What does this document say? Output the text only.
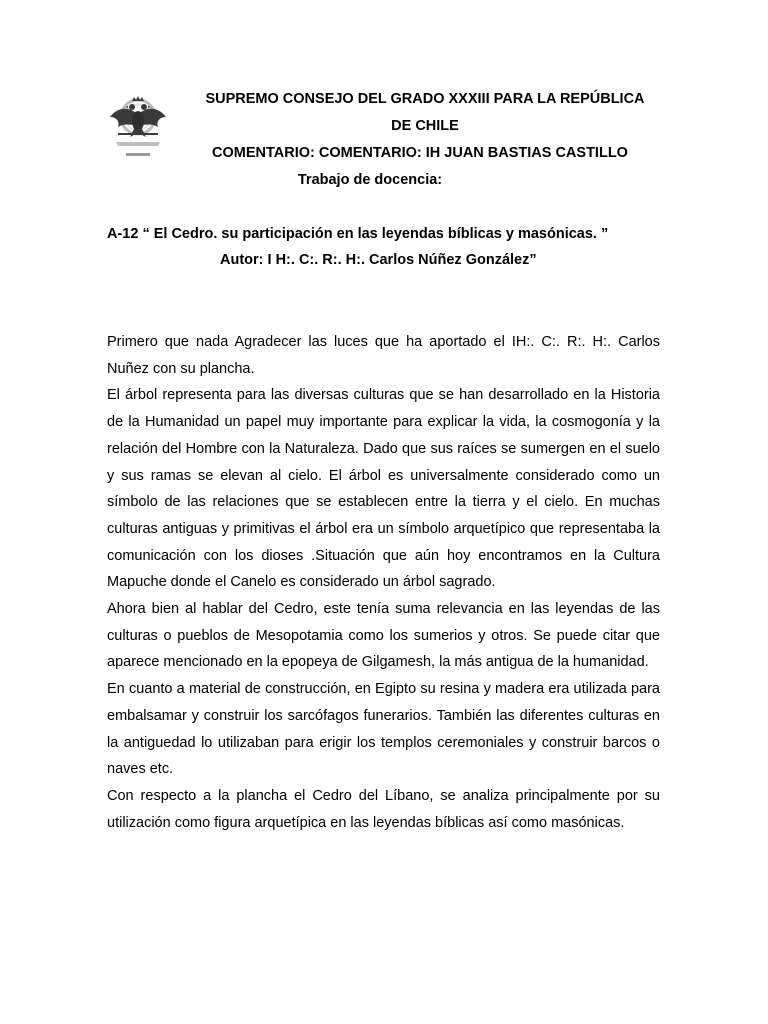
SUPREMO CONSEJO DEL GRADO XXXIII PARA LA REPÚBLICA
DE CHILE
COMENTARIO: COMENTARIO: IH JUAN BASTIAS CASTILLO
Trabajo de docencia:
A-12 “ El Cedro. su participación en las leyendas bíblicas y masónicas. ”
Autor: I H:. C:. R:. H:. Carlos Núñez González”

Primero que nada Agradecer las luces que ha aportado el IH:. C:. R:. H:. Carlos Nuñez con su plancha.

El árbol representa para las diversas culturas que se han desarrollado en la Historia de la Humanidad un papel muy importante para explicar la vida, la cosmogonía y la relación del Hombre con la Naturaleza. Dado que sus raíces se sumergen en el suelo y sus ramas se elevan al cielo. El árbol es universalmente considerado como un símbolo de las relaciones que se establecen entre la tierra y el cielo. En muchas culturas antiguas y primitivas el árbol era un símbolo arquetípico que representaba la comunicación con los dioses .Situación que aún hoy encontramos en la Cultura Mapuche donde el Canelo es considerado un árbol sagrado.

Ahora bien al hablar del Cedro, este tenía suma relevancia en las leyendas de las culturas o pueblos de Mesopotamia como los sumerios y otros. Se puede citar que aparece mencionado en la epopeya de Gilgamesh, la más antigua de la humanidad.

En cuanto a material de construcción, en Egipto su resina y madera era utilizada para embalsamar y construir los sarcófagos funerarios. También las diferentes culturas en la antiguedad lo utilizaban para erigir los templos ceremoniales y construir barcos o naves etc.

Con respecto a la plancha el Cedro del Líbano, se analiza principalmente por su utilización como figura arquetípica en las leyendas bíblicas así como masónicas.
